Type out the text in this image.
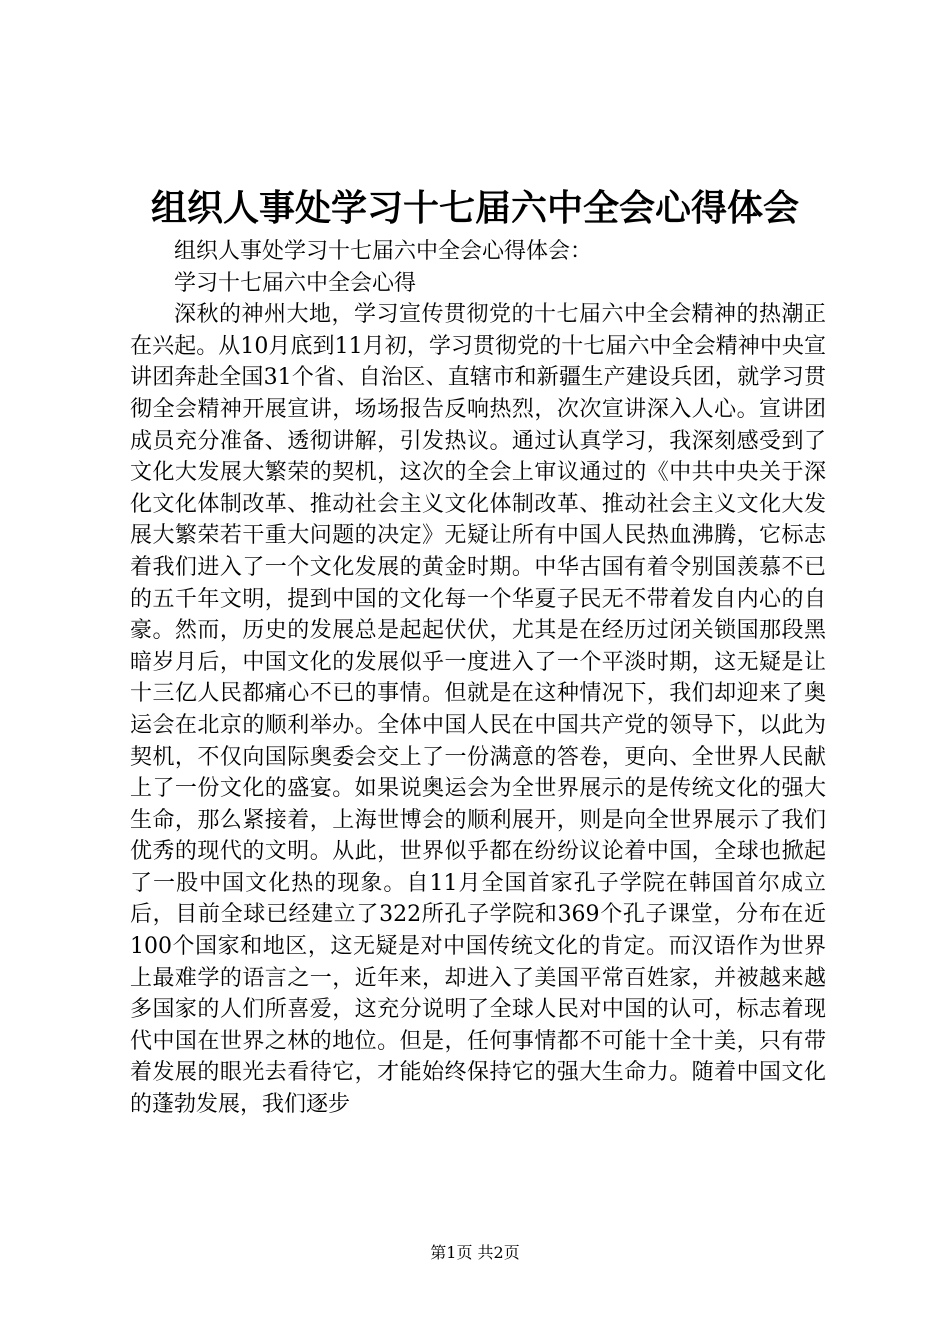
组织人事处学习十七届六中全会心得体会

组织人事处学习十七届六中全会心得体会：

学习十七届六中全会心得

深秋的神州大地，学习宣传贯彻党的十七届六中全会精神的热潮正在兴起。从10月底到11月初，学习贯彻党的十七届六中全会精神中央宣讲团奔赴全国31个省、自治区、直辖市和新疆生产建设兵团，就学习贯彻全会精神开展宣讲，场场报告反响热烈，次次宣讲深入人心。宣讲团成员充分准备、透彻讲解，引发热议。通过认真学习，我深刻感受到了文化大发展大繁荣的契机，这次的全会上审议通过的《中共中央关于深化文化体制改革、推动社会主义文化体制改革、推动社会主义文化大发展大繁荣若干重大问题的决定》无疑让所有中国人民热血沸腾，它标志着我们进入了一个文化发展的黄金时期。中华古国有着令别国羡慕不已的五千年文明，提到中国的文化每一个华夏子民无不带着发自内心的自豪。然而，历史的发展总是起起伏伏，尤其是在经历过闭关锁国那段黑暗岁月后，中国文化的发展似乎一度进入了一个平淡时期，这无疑是让十三亿人民都痛心不已的事情。但就是在这种情况下，我们却迎来了奥运会在北京的顺利举办。全体中国人民在中国共产党的领导下，以此为契机，不仅向国际奥委会交上了一份满意的答卷，更向、全世界人民献上了一份文化的盛宴。如果说奥运会为全世界展示的是传统文化的强大生命，那么紧接着，上海世博会的顺利展开，则是向全世界展示了我们优秀的现代的文明。从此，世界似乎都在纷纷议论着中国，全球也掀起了一股中国文化热的现象。自11月全国首家孔子学院在韩国首尔成立后，目前全球已经建立了322所孔子学院和369个孔子课堂，分布在近100个国家和地区，这无疑是对中国传统文化的肯定。而汉语作为世界上最难学的语言之一，近年来，却进入了美国平常百姓家，并被越来越多国家的人们所喜爱，这充分说明了全球人民对中国的认可，标志着现代中国在世界之林的地位。但是，任何事情都不可能十全十美，只有带着发展的眼光去看待它，才能始终保持它的强大生命力。随着中国文化的蓬勃发展，我们逐步

第1页 共2页
